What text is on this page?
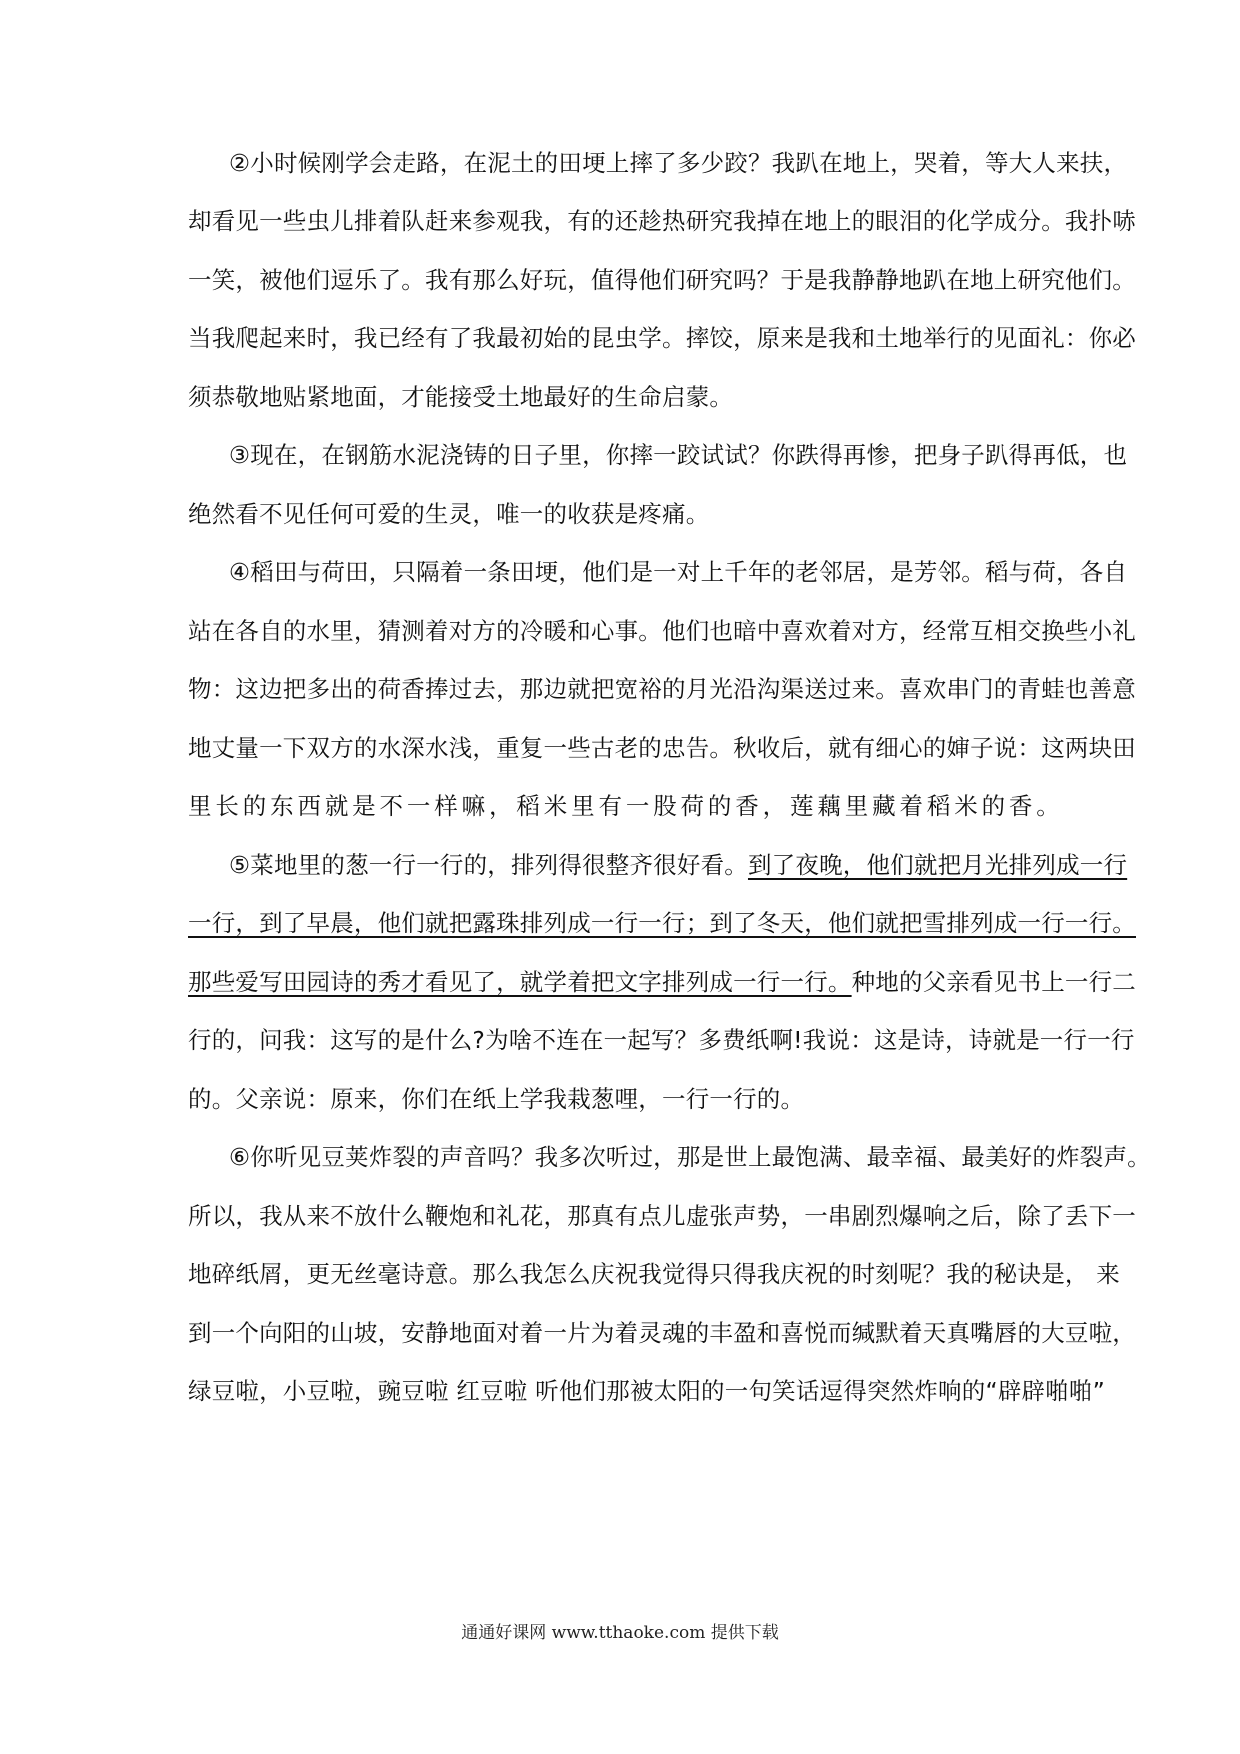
②小时候刚学会走路，在泥土的田埂上摔了多少跤？我趴在地上，哭着，等大人来扶，
却看见一些虫儿排着队赶来参观我，有的还趁热研究我掉在地上的眼泪的化学成分。我扑哧
一笑，被他们逗乐了。我有那么好玩，值得他们研究吗？于是我静静地趴在地上研究他们。
当我爬起来时，我已经有了我最初始的昆虫学。摔饺，原来是我和土地举行的见面礼：你必
须恭敬地贴紧地面，才能接受土地最好的生命启蒙。
③现在，在钢筋水泥浇铸的日子里，你摔一跤试试？你跌得再惨，把身子趴得再低，也
绝然看不见任何可爱的生灵，唯一的收获是疼痛。
④稻田与荷田，只隔着一条田埂，他们是一对上千年的老邻居，是芳邻。稻与荷，各自
站在各自的水里，猜测着对方的冷暖和心事。他们也暗中喜欢着对方，经常互相交换些小礼
物：这边把多出的荷香捧过去，那边就把宽裕的月光沿沟渠送过来。喜欢串门的青蛙也善意
地丈量一下双方的水深水浅，重复一些古老的忠告。秋收后，就有细心的婶子说：这两块田
里长的东西就是不一样嘛，稻米里有一股荷的香，莲藕里藏着稻米的香。
⑤菜地里的葱一行一行的，排列得很整齐很好看。到了夜晚，他们就把月光排列成一行
一行，到了早晨，他们就把露珠排列成一行一行；到了冬天，他们就把雪排列成一行一行。
那些爱写田园诗的秀才看见了，就学着把文字排列成一行一行。种地的父亲看见书上一行二
行的，问我：这写的是什么?为啥不连在一起写？多费纸啊!我说：这是诗，诗就是一行一行
的。父亲说：原来，你们在纸上学我栽葱哩，一行一行的。
⑥你听见豆荚炸裂的声音吗？我多次听过，那是世上最饱满、最幸福、最美好的炸裂声。
所以，我从来不放什么鞭炮和礼花，那真有点儿虚张声势，一串剧烈爆响之后，除了丢下一
地碎纸屑，更无丝毫诗意。那么我怎么庆祝我觉得只得我庆祝的时刻呢？我的秘诀是， 来
到一个向阳的山坡，安静地面对着一片为着灵魂的丰盈和喜悦而缄默着天真嘴唇的大豆啦，
绿豆啦，小豆啦，豌豆啦 红豆啦 听他们那被太阳的一句笑话逗得突然炸响的“辟辟啪啪”
通通好课网 www.tthaoke.com 提供下载
